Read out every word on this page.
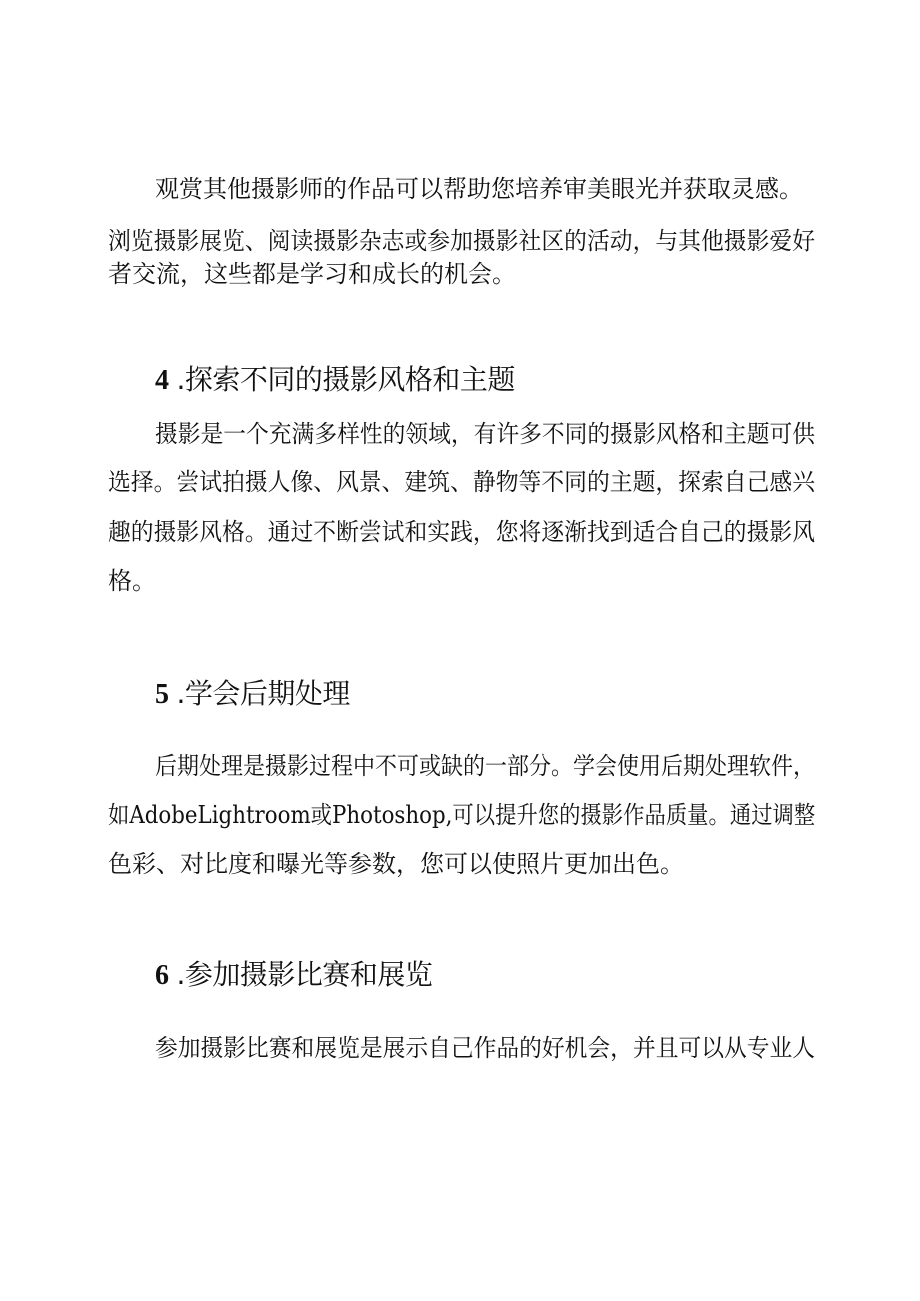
观赏其他摄影师的作品可以帮助您培养审美眼光并获取灵感。
浏览摄影展览、阅读摄影杂志或参加摄影社区的活动，与其他摄影爱好
者交流，这些都是学习和成长的机会。
4 .探索不同的摄影风格和主题
摄影是一个充满多样性的领域，有许多不同的摄影风格和主题可供
选择。尝试拍摄人像、风景、建筑、静物等不同的主题，探索自己感兴
趣的摄影风格。通过不断尝试和实践，您将逐渐找到适合自己的摄影风
格。
5 .学会后期处理
后期处理是摄影过程中不可或缺的一部分。学会使用后期处理软件，
如AdobeLightroom或Photoshop,可以提升您的摄影作品质量。通过调整
色彩、对比度和曝光等参数，您可以使照片更加出色。
6 .参加摄影比赛和展览
参加摄影比赛和展览是展示自己作品的好机会，并且可以从专业人
